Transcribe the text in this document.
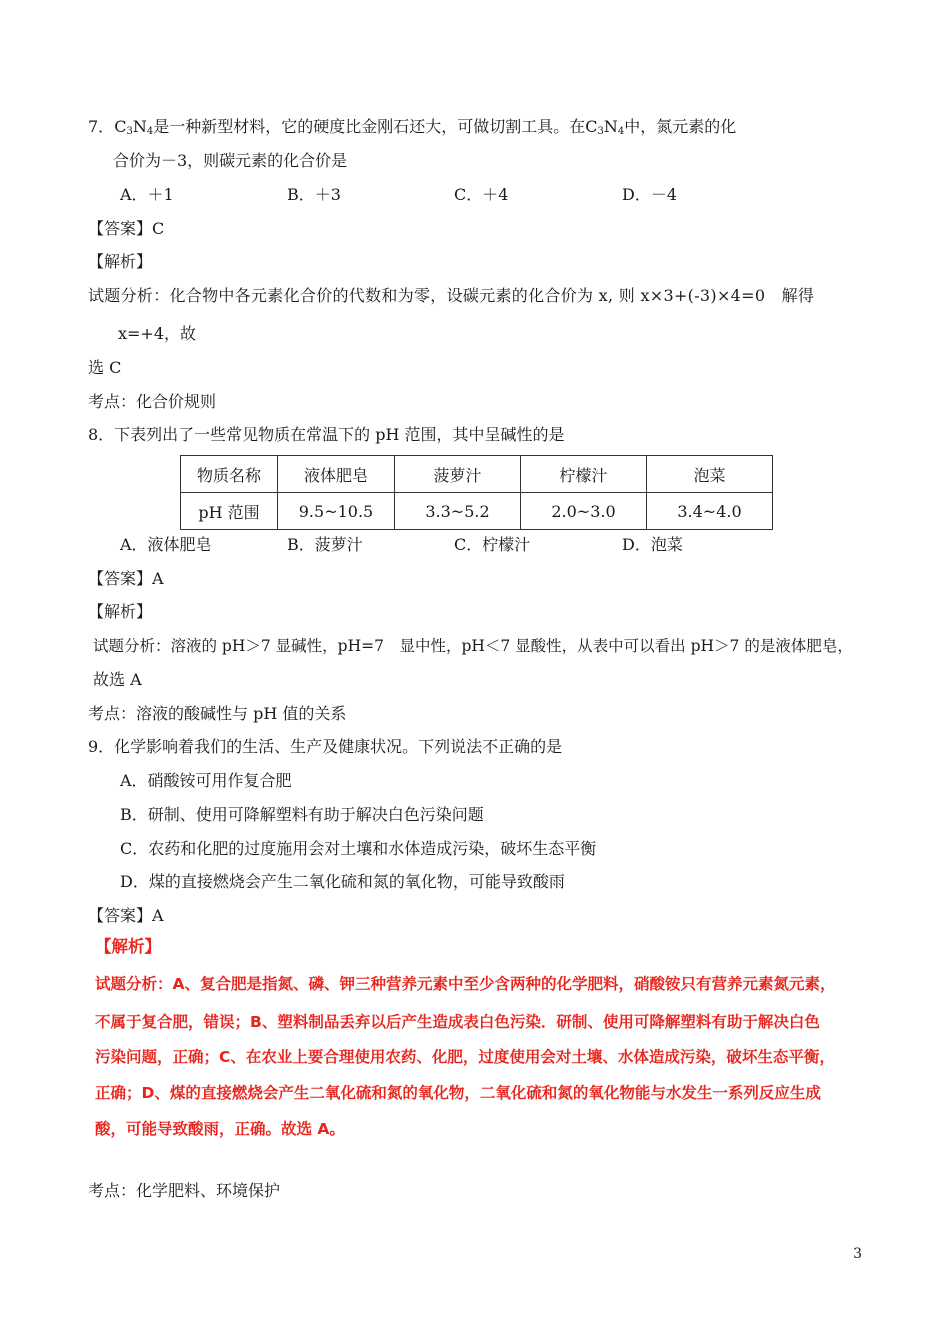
7．$C_3N_4$是一种新型材料，它的硬度比金刚石还大，可做切割工具。在$C_3N_4$中，氮元素的化
合价为－3，则碳元素的化合价是
A．＋1	B．＋3	C．＋4	D．－4
【答案】C
【解析】
试题分析：化合物中各元素化合价的代数和为零，设碳元素的化合价为 x, 则 x×3+(-3)×4=0　解得
x=+4，故
选 C
考点：化合价规则
8．下表列出了一些常见物质在常温下的 pH 范围，其中呈碱性的是
物质名称	液体肥皂	菠萝汁	柠檬汁	泡菜
pH 范围	9.5~10.5	3.3~5.2	2.0~3.0	3.4~4.0
A．液体肥皂	B．菠萝汁	C．柠檬汁	D．泡菜
【答案】A
【解析】
试题分析：溶液的 pH＞7 显碱性，pH=7　显中性，pH＜7 显酸性，从表中可以看出 pH＞7 的是液体肥皂，
故选 A
考点：溶液的酸碱性与 pH 值的关系
9．化学影响着我们的生活、生产及健康状况。下列说法不正确的是
A．硝酸铵可用作复合肥
B．研制、使用可降解塑料有助于解决白色污染问题
C．农药和化肥的过度施用会对土壤和水体造成污染，破坏生态平衡
D．煤的直接燃烧会产生二氧化硫和氮的氧化物，可能导致酸雨
【答案】A
【解析】
试题分析：A、复合肥是指氮、磷、钾三种营养元素中至少含两种的化学肥料，硝酸铵只有营养元素氮元素，
不属于复合肥，错误；B、塑料制品丢弃以后产生造成表白色污染．研制、使用可降解塑料有助于解决白色
污染问题，正确；C、在农业上要合理使用农药、化肥，过度使用会对土壤、水体造成污染，破坏生态平衡，
正确；D、煤的直接燃烧会产生二氧化硫和氮的氧化物，二氧化硫和氮的氧化物能与水发生一系列反应生成
酸，可能导致酸雨，正确。故选 A。
考点：化学肥料、环境保护
3
